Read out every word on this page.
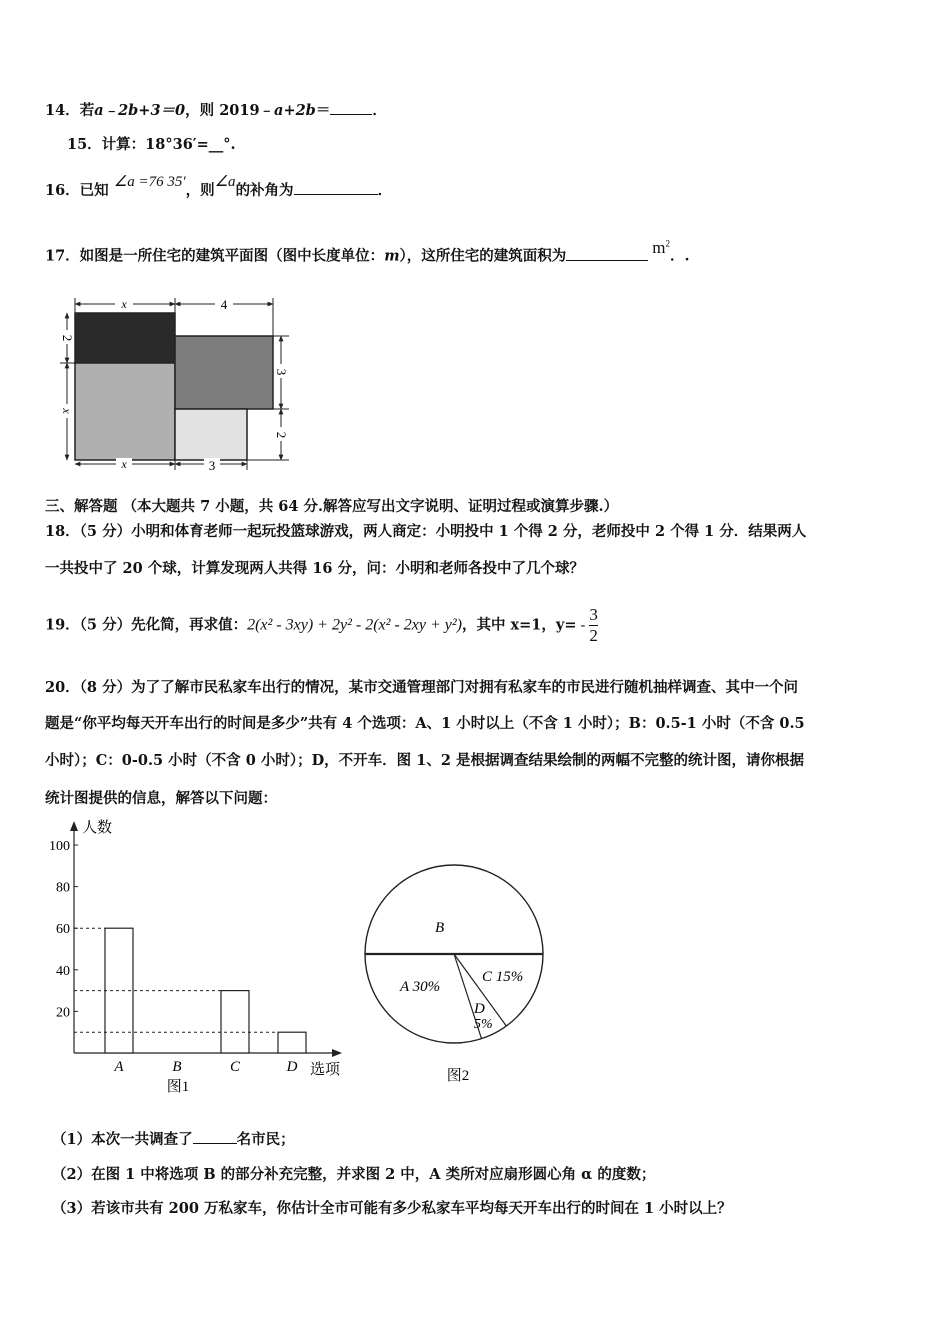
14．若a﹣2b+3＝0，则 2019﹣a+2b＝	．
15．计算：18°36′=__°.
16．已知 ∠a =76 35′，则∠a的补角为	．
17．如图是一所住宅的建筑平面图（图中长度单位：m），这所住宅的建筑面积为	$m^2$．.
x	4
2
x
3
2
x	3
三、解答题 （本大题共 7 小题，共 64 分.解答应写出文字说明、证明过程或演算步骤.）
18．（5 分）小明和体育老师一起玩投篮球游戏，两人商定：小明投中 1 个得 2 分，老师投中 2 个得 1 分．结果两人
一共投中了 20 个球，计算发现两人共得 16 分，问：小明和老师各投中了几个球？
19．（5 分）先化简，再求值：2(x² - 3xy) + 2y² - 2(x² - 2xy + y²)，其中 x=1，$y= - \frac{3}{2}$
20．（8 分）为了了解市民私家车出行的情况，某市交通管理部门对拥有私家车的市民进行随机抽样调查、其中一个问
题是“你平均每天开车出行的时间是多少”共有 4 个选项：A、1 小时以上（不含 1 小时）；B：0.5-1 小时（不含 0.5
小时）；C：0-0.5 小时（不含 0 小时）；D，不开车．图 1、2 是根据调查结果绘制的两幅不完整的统计图，请你根据
统计图提供的信息，解答以下问题：
人数
选项
20
40
60
80
100
A	B	C	D
图1
B
A 30%
C 15%
D
5%
图2
（1）本次一共调查了	名市民；
（2）在图 1 中将选项 B 的部分补充完整，并求图 2 中，A 类所对应扇形圆心角 α 的度数；
（3）若该市共有 200 万私家车，你估计全市可能有多少私家车平均每天开车出行的时间在 1 小时以上？
